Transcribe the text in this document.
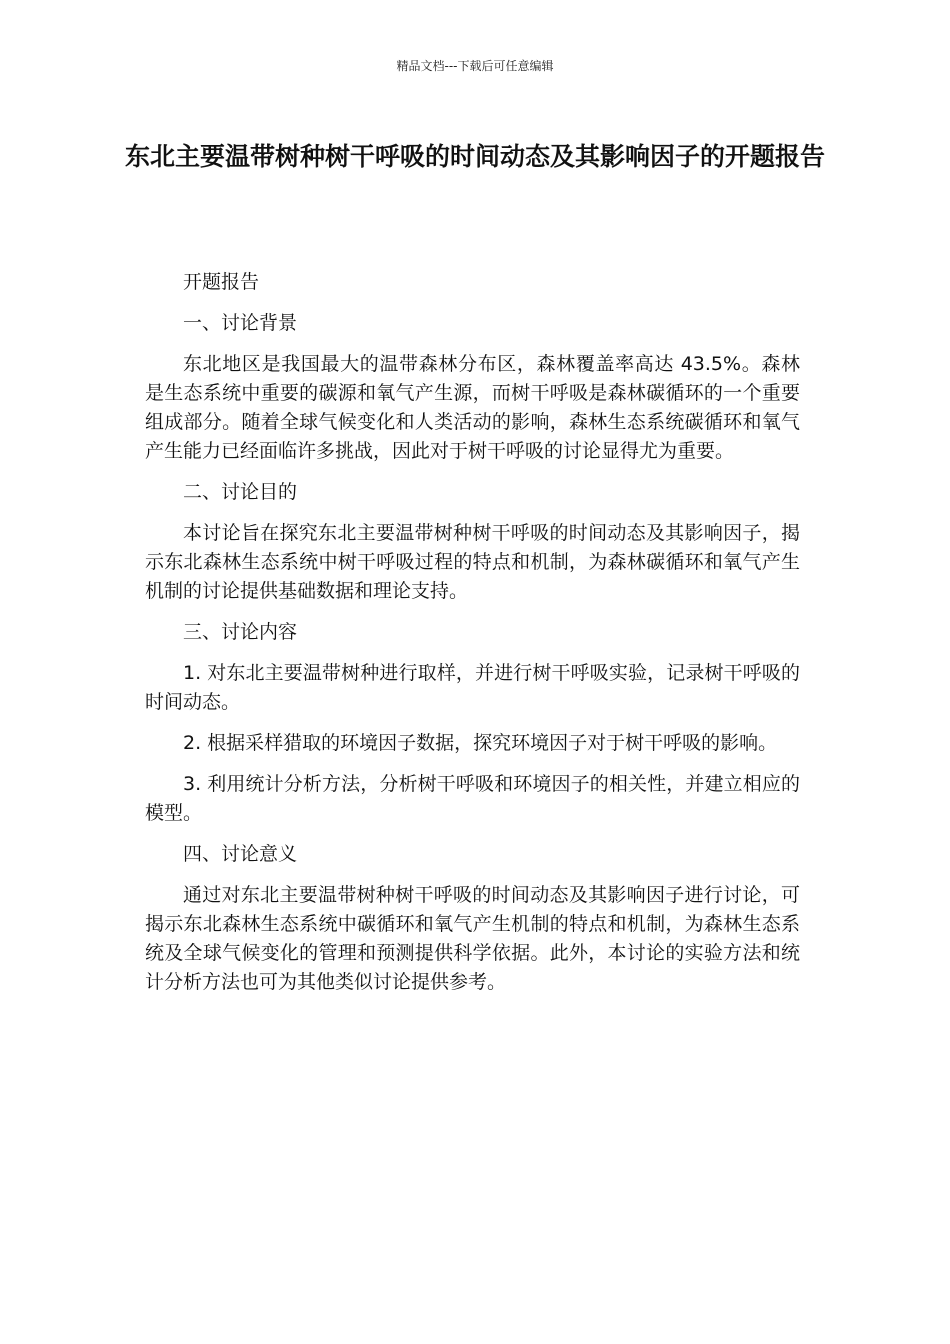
精品文档---下载后可任意编辑
东北主要温带树种树干呼吸的时间动态及其影响因子的开题报告

开题报告

一、讨论背景

东北地区是我国最大的温带森林分布区，森林覆盖率高达 43.5%。森林是生态系统中重要的碳源和氧气产生源，而树干呼吸是森林碳循环的一个重要组成部分。随着全球气候变化和人类活动的影响，森林生态系统碳循环和氧气产生能力已经面临许多挑战，因此对于树干呼吸的讨论显得尤为重要。

二、讨论目的

本讨论旨在探究东北主要温带树种树干呼吸的时间动态及其影响因子，揭示东北森林生态系统中树干呼吸过程的特点和机制，为森林碳循环和氧气产生机制的讨论提供基础数据和理论支持。

三、讨论内容

1. 对东北主要温带树种进行取样，并进行树干呼吸实验，记录树干呼吸的时间动态。

2. 根据采样猎取的环境因子数据，探究环境因子对于树干呼吸的影响。

3. 利用统计分析方法，分析树干呼吸和环境因子的相关性，并建立相应的模型。

四、讨论意义

通过对东北主要温带树种树干呼吸的时间动态及其影响因子进行讨论，可揭示东北森林生态系统中碳循环和氧气产生机制的特点和机制，为森林生态系统及全球气候变化的管理和预测提供科学依据。此外，本讨论的实验方法和统计分析方法也可为其他类似讨论提供参考。
